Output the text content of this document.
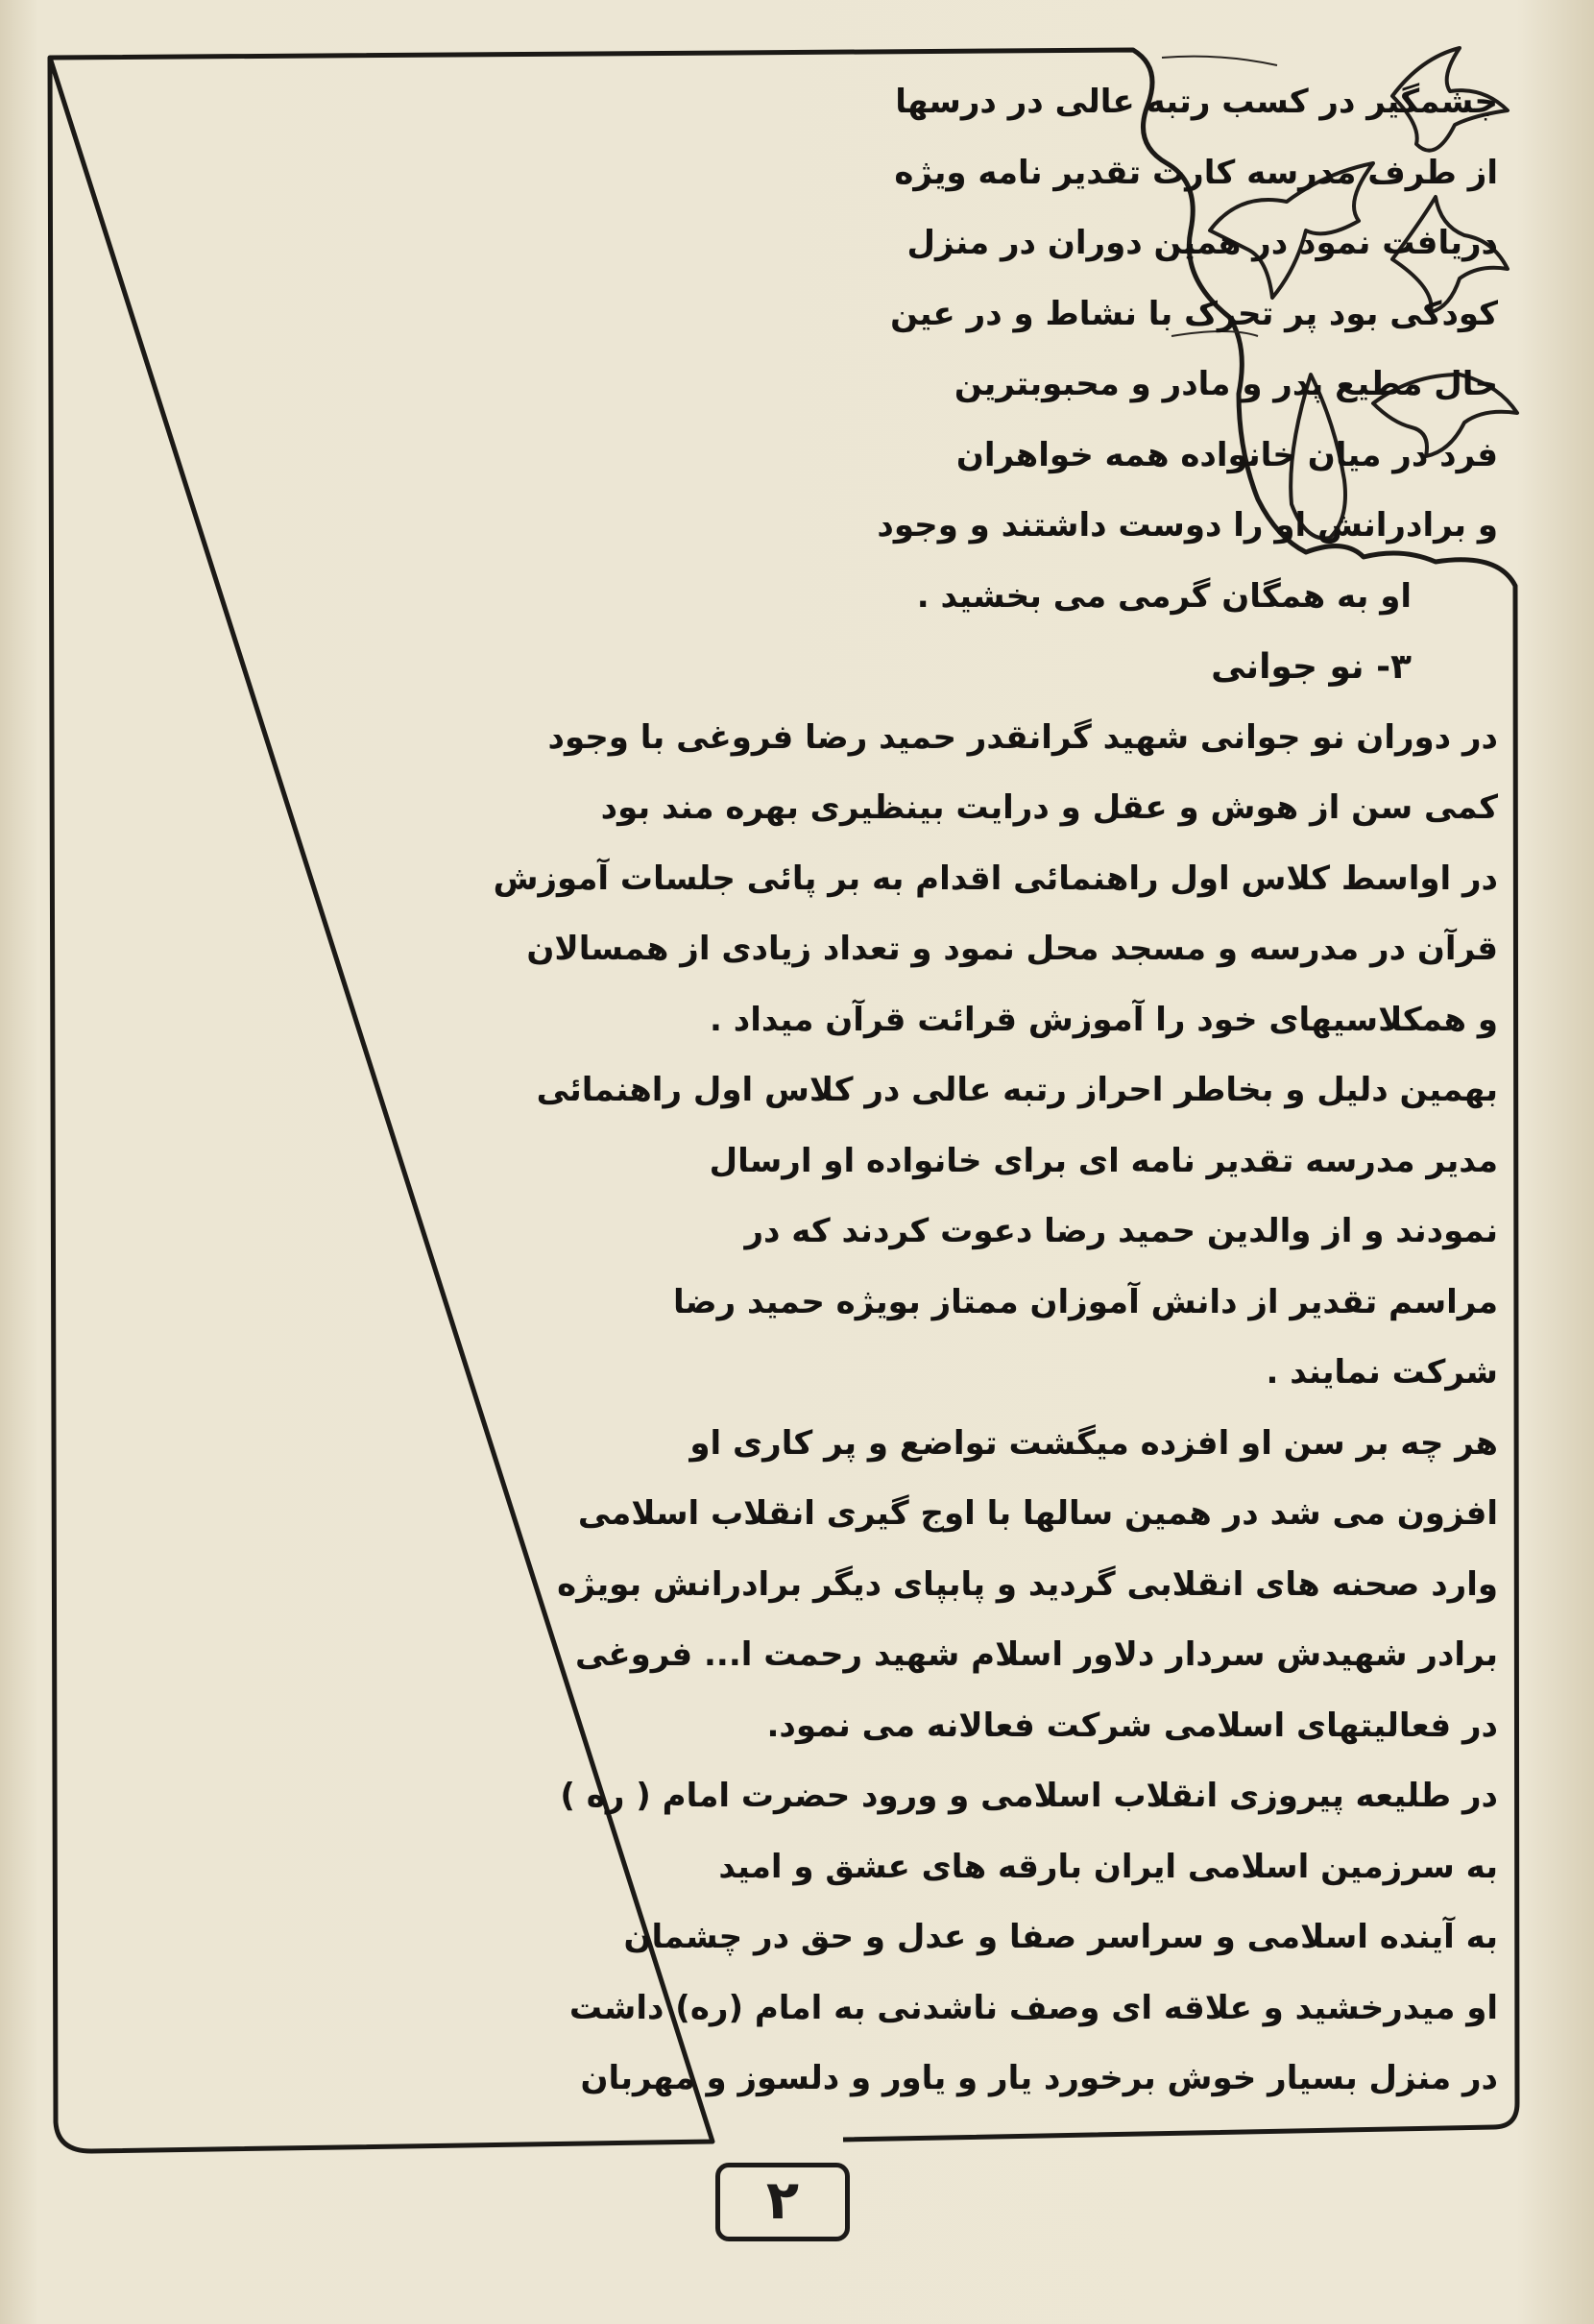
چشمگیر در کسب رتبه عالی در درسها
از طرف مدرسه کارت تقدیر نامه ویژه
دریافت نمود در همین دوران در منزل
کودکی بود پر تحرک با نشاط و در عین
حال مطیع پدر و مادر و محبوبترین
فرد در میان خانواده همه خواهران
و برادرانش او را دوست داشتند و وجود
او به همگان گرمی می بخشید .
۳- نو جوانی
در دوران نو جوانی شهید گرانقدر حمید رضا فروغی با وجود
کمی سن از هوش و عقل و درایت بینظیری بهره مند بود
در اواسط کلاس اول راهنمائی اقدام به بر پائی جلسات آموزش
قرآن در مدرسه و مسجد محل نمود و تعداد زیادی از همسالان
و همکلاسیهای خود را آموزش قرائت قرآن میداد .
بهمین دلیل و بخاطر احراز رتبه عالی در کلاس اول راهنمائی
مدیر مدرسه تقدیر نامه ای برای خانواده او ارسال
نمودند و از والدین حمید رضا دعوت کردند که در
مراسم تقدیر از دانش آموزان ممتاز بویژه حمید رضا
شرکت نمایند .
هر چه بر سن او افزده میگشت تواضع و پر کاری او
افزون می شد در همین سالها با اوج گیری انقلاب اسلامی
وارد صحنه های انقلابی گردید و پابپای دیگر برادرانش بویژه
برادر شهیدش سردار دلاور اسلام شهید رحمت ا... فروغی
در فعالیتهای اسلامی شرکت فعالانه می نمود.
در طلیعه پیروزی انقلاب اسلامی و ورود حضرت امام ( ره )
به سرزمین اسلامی ایران بارقه های عشق و امید
به آینده اسلامی و سراسر صفا و عدل و حق در چشمان
او میدرخشید و علاقه ای وصف ناشدنی به امام (ره) داشت
در منزل بسیار خوش برخورد یار و یاور و دلسوز و مهربان
۲
